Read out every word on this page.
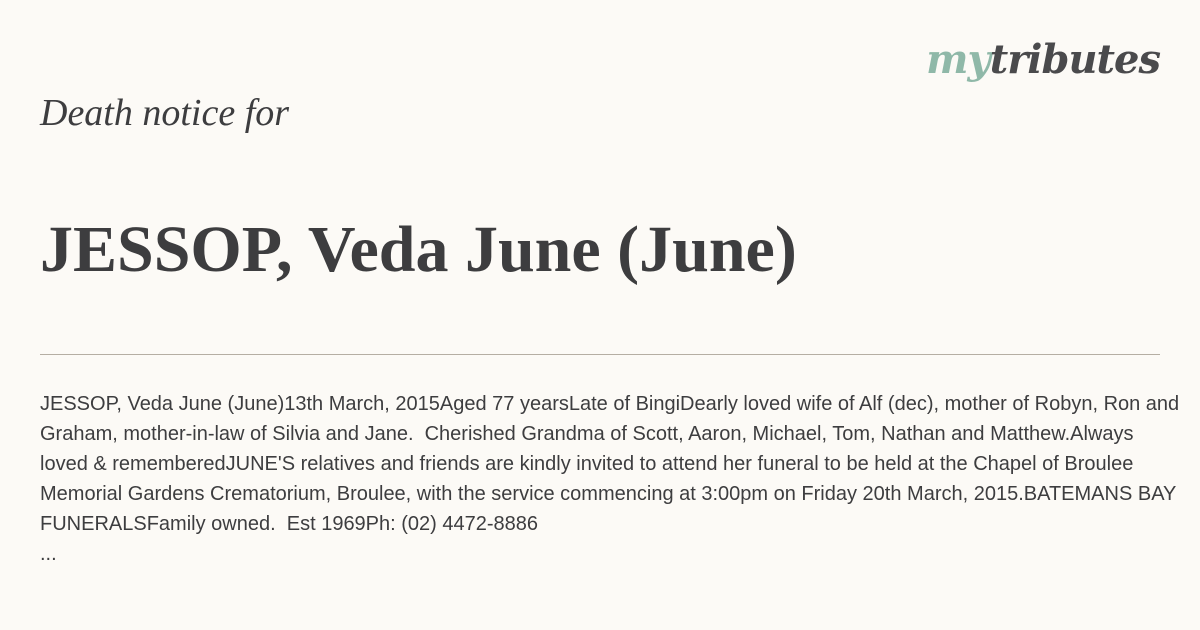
mytributes
Death notice for
JESSOP, Veda June (June)
JESSOP, Veda June (June)13th March, 2015Aged 77 yearsLate of BingiDearly loved wife of Alf (dec), mother of Robyn, Ron and Graham, mother-in-law of Silvia and Jane.  Cherished Grandma of Scott, Aaron, Michael, Tom, Nathan and Matthew.Always loved & rememberedJUNE'S relatives and friends are kindly invited to attend her funeral to be held at the Chapel of Broulee Memorial Gardens Crematorium, Broulee, with the service commencing at 3:00pm on Friday 20th March, 2015.BATEMANS BAY FUNERALSFamily owned.  Est 1969Ph: (02) 4472-8886
...
